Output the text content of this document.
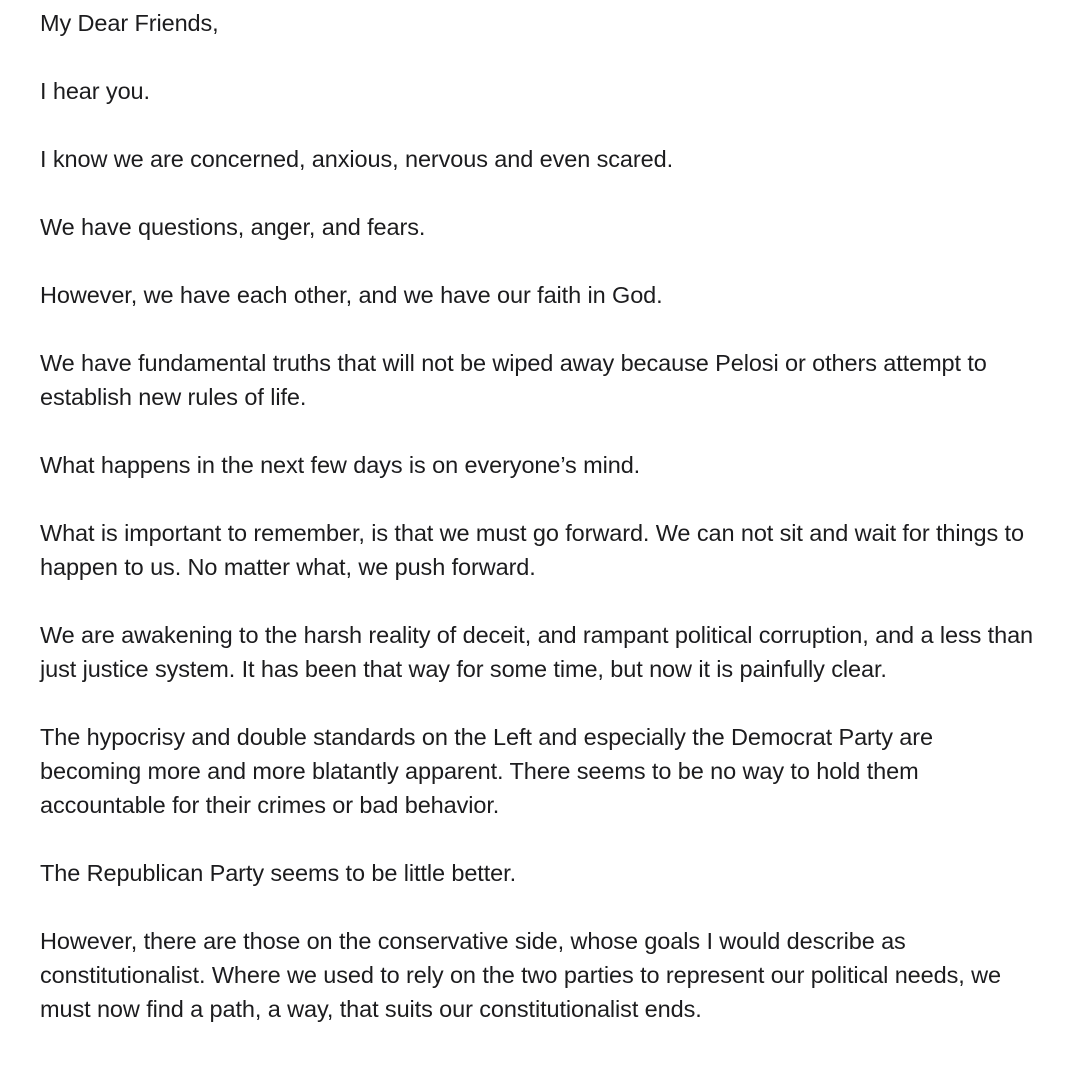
My Dear Friends,

I hear you.

I know we are concerned, anxious, nervous and even scared.

We have questions, anger, and fears.

However, we have each other, and we have our faith in God.

We have fundamental truths that will not be wiped away because Pelosi or others attempt to establish new rules of life.

What happens in the next few days is on everyone’s mind.

What is important to remember, is that we must go forward. We can not sit and wait for things to happen to us. No matter what, we push forward.

We are awakening to the harsh reality of deceit, and rampant political corruption, and a less than just justice system. It has been that way for some time, but now it is painfully clear.

The hypocrisy and double standards on the Left and especially the Democrat Party are becoming more and more blatantly apparent. There seems to be no way to hold them accountable for their crimes or bad behavior.

The Republican Party seems to be little better.

However, there are those on the conservative side, whose goals I would describe as constitutionalist. Where we used to rely on the two parties to represent our political needs, we must now find a path, a way, that suits our constitutionalist ends.
